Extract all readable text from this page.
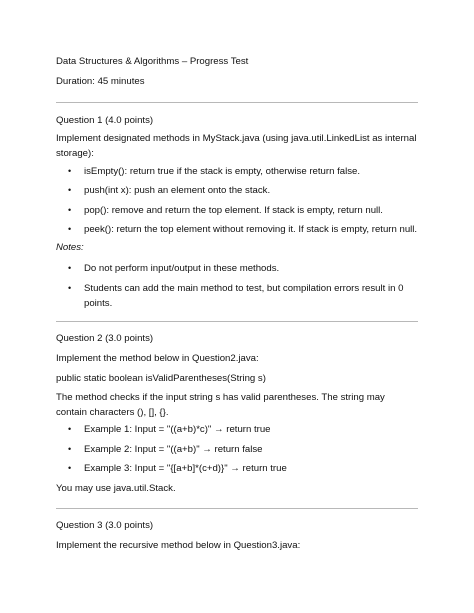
Data Structures & Algorithms – Progress Test
Duration: 45 minutes
Question 1 (4.0 points)
Implement designated methods in MyStack.java (using java.util.LinkedList as internal storage):
•	isEmpty(): return true if the stack is empty, otherwise return false.
•	push(int x): push an element onto the stack.
•	pop(): remove and return the top element. If stack is empty, return null.
•	peek(): return the top element without removing it. If stack is empty, return null.
Notes:
•	Do not perform input/output in these methods.
•	Students can add the main method to test, but compilation errors result in 0 points.
Question 2 (3.0 points)
Implement the method below in Question2.java:
public static boolean isValidParentheses(String s)
The method checks if the input string s has valid parentheses. The string may contain characters (), [], {}.
•	Example 1: Input = "((a+b)*c)" → return true
•	Example 2: Input = "((a+b)" → return false
•	Example 3: Input = "{[a+b]*(c+d)}" → return true
You may use java.util.Stack.
Question 3 (3.0 points)
Implement the recursive method below in Question3.java:
